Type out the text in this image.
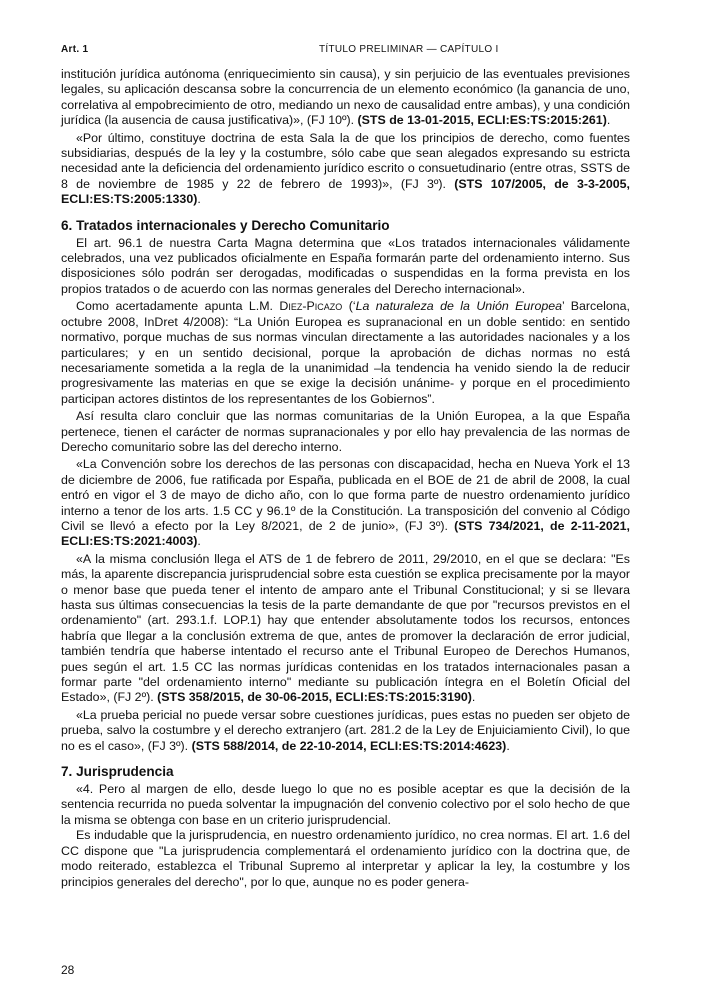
Art. 1	TÍTULO PRELIMINAR — CAPÍTULO I

institución jurídica autónoma (enriquecimiento sin causa), y sin perjuicio de las eventuales previsiones legales, su aplicación descansa sobre la concurrencia de un elemento económico (la ganancia de uno, correlativa al empobrecimiento de otro, mediando un nexo de causalidad entre ambas), y una condición jurídica (la ausencia de causa justificativa)», (FJ 10º). (STS de 13-01-2015, ECLI:ES:TS:2015:261).

«Por último, constituye doctrina de esta Sala la de que los principios de derecho, como fuentes subsidiarias, después de la ley y la costumbre, sólo cabe que sean alegados expresando su estricta necesidad ante la deficiencia del ordenamiento jurídico escrito o consuetudinario (entre otras, SSTS de 8 de noviembre de 1985 y 22 de febrero de 1993)», (FJ 3º). (STS 107/2005, de 3-3-2005, ECLI:ES:TS:2005:1330).

6. Tratados internacionales y Derecho Comunitario

El art. 96.1 de nuestra Carta Magna determina que «Los tratados internacionales válidamente celebrados, una vez publicados oficialmente en España formarán parte del ordenamiento interno. Sus disposiciones sólo podrán ser derogadas, modificadas o suspendidas en la forma prevista en los propios tratados o de acuerdo con las normas generales del Derecho internacional».

Como acertadamente apunta L.M. Diez-Picazo (‘La naturaleza de la Unión Europea’ Barcelona, octubre 2008, InDret 4/2008): “La Unión Europea es supranacional en un doble sentido: en sentido normativo, porque muchas de sus normas vinculan directamente a las autoridades nacionales y a los particulares; y en un sentido decisional, porque la aprobación de dichas normas no está necesariamente sometida a la regla de la unanimidad –la tendencia ha venido siendo la de reducir progresivamente las materias en que se exige la decisión unánime- y porque en el procedimiento participan actores distintos de los representantes de los Gobiernos”.

Así resulta claro concluir que las normas comunitarias de la Unión Europea, a la que España pertenece, tienen el carácter de normas supranacionales y por ello hay prevalencia de las normas de Derecho comunitario sobre las del derecho interno.

«La Convención sobre los derechos de las personas con discapacidad, hecha en Nueva York el 13 de diciembre de 2006, fue ratificada por España, publicada en el BOE de 21 de abril de 2008, la cual entró en vigor el 3 de mayo de dicho año, con lo que forma parte de nuestro ordenamiento jurídico interno a tenor de los arts. 1.5 CC y 96.1º de la Constitución. La transposición del convenio al Código Civil se llevó a efecto por la Ley 8/2021, de 2 de junio», (FJ 3º). (STS 734/2021, de 2-11-2021, ECLI:ES:TS:2021:4003).

«A la misma conclusión llega el ATS de 1 de febrero de 2011, 29/2010, en el que se declara: "Es más, la aparente discrepancia jurisprudencial sobre esta cuestión se explica precisamente por la mayor o menor base que pueda tener el intento de amparo ante el Tribunal Constitucional; y si se llevara hasta sus últimas consecuencias la tesis de la parte demandante de que por "recursos previstos en el ordenamiento" (art. 293.1.f. LOP.1) hay que entender absolutamente todos los recursos, entonces habría que llegar a la conclusión extrema de que, antes de promover la declaración de error judicial, también tendría que haberse intentado el recurso ante el Tribunal Europeo de Derechos Humanos, pues según el art. 1.5 CC las normas jurídicas contenidas en los tratados internacionales pasan a formar parte "del ordenamiento interno" mediante su publicación íntegra en el Boletín Oficial del Estado», (FJ 2º). (STS 358/2015, de 30-06-2015, ECLI:ES:TS:2015:3190).

«La prueba pericial no puede versar sobre cuestiones jurídicas, pues estas no pueden ser objeto de prueba, salvo la costumbre y el derecho extranjero (art. 281.2 de la Ley de Enjuiciamiento Civil), lo que no es el caso», (FJ 3º). (STS 588/2014, de 22-10-2014, ECLI:ES:TS:2014:4623).

7. Jurisprudencia

«4. Pero al margen de ello, desde luego lo que no es posible aceptar es que la decisión de la sentencia recurrida no pueda solventar la impugnación del convenio colectivo por el solo hecho de que la misma se obtenga con base en un criterio jurisprudencial.

Es indudable que la jurisprudencia, en nuestro ordenamiento jurídico, no crea normas. El art. 1.6 del CC dispone que "La jurisprudencia complementará el ordenamiento jurídico con la doctrina que, de modo reiterado, establezca el Tribunal Supremo al interpretar y aplicar la ley, la costumbre y los principios generales del derecho", por lo que, aunque no es poder genera-

28
